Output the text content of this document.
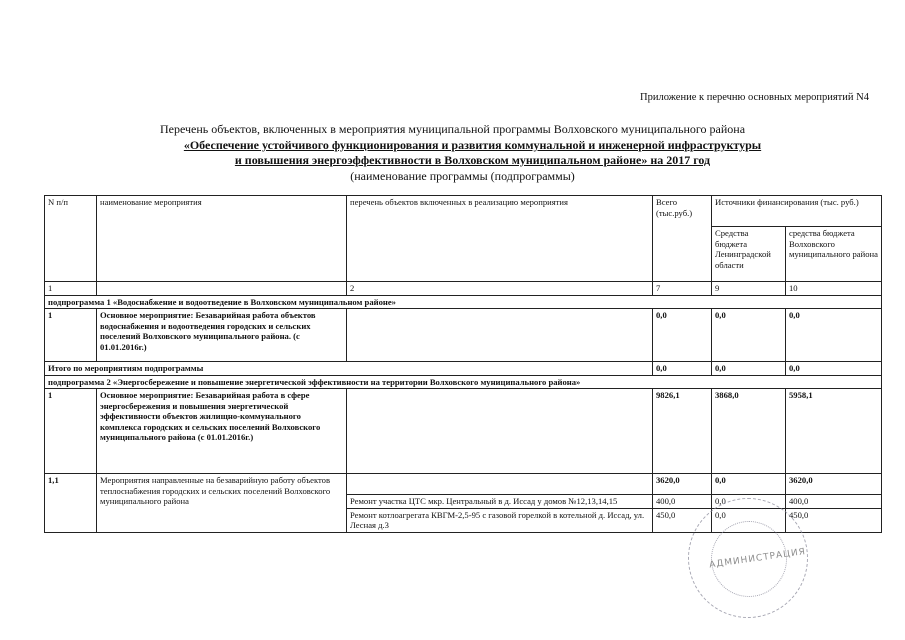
Приложение к перечню основных мероприятий N4
Перечень объектов, включенных в мероприятия муниципальной программы Волховского муниципального района
«Обеспечение устойчивого функционирования и развития коммунальной и инженерной инфраструктуры
и повышения энергоэффективности в Волховском муниципальном районе» на 2017 год
(наименование программы (подпрограммы)
N п/п	наименование мероприятия	перечень объектов включенных в реализацию мероприятия	Всего (тыс.руб.)	Источники финансирования (тыс. руб.)	
				Средства бюджета Ленинградской области	средства бюджета Волховского муниципального района
1		2	7	9	10
подпрограмма 1 «Водоснабжение и водоотведение в Волховском муниципальном районе»					
1	Основное мероприятие: Безаварийная работа объектов водоснабжения и водоотведения городских и сельских поселений Волховского муниципального района. (с 01.01.2016г.)		0,0	0,0	0,0
Итого по мероприятиям подпрограммы			0,0	0,0	0,0
подпрограмма 2 «Энергосбережение и повышение энергетической эффективности на территории Волховского муниципального района»					
1	Основное мероприятие: Безаварийная работа в сфере энергосбережения и повышения энергетической эффективности объектов жилищно-коммунального комплекса городских и сельских поселений Волховского муниципального района (с 01.01.2016г.)		9826,1	3868,0	5958,1
1,1	Мероприятия направленные на безаварийную работу объектов теплоснабжения городских и сельских поселений Волховского муниципального района		3620,0	0,0	3620,0
		Ремонт участка ЦТС мкр. Центральный в д. Иссад у домов №12,13,14,15	400,0	0,0	400,0
		Ремонт котлоагрегата КВГМ-2,5-95 с газовой горелкой в котельной д. Иссад, ул. Лесная д.3	450,0	0,0	450,0
АДМИНИСТРАЦИЯ
